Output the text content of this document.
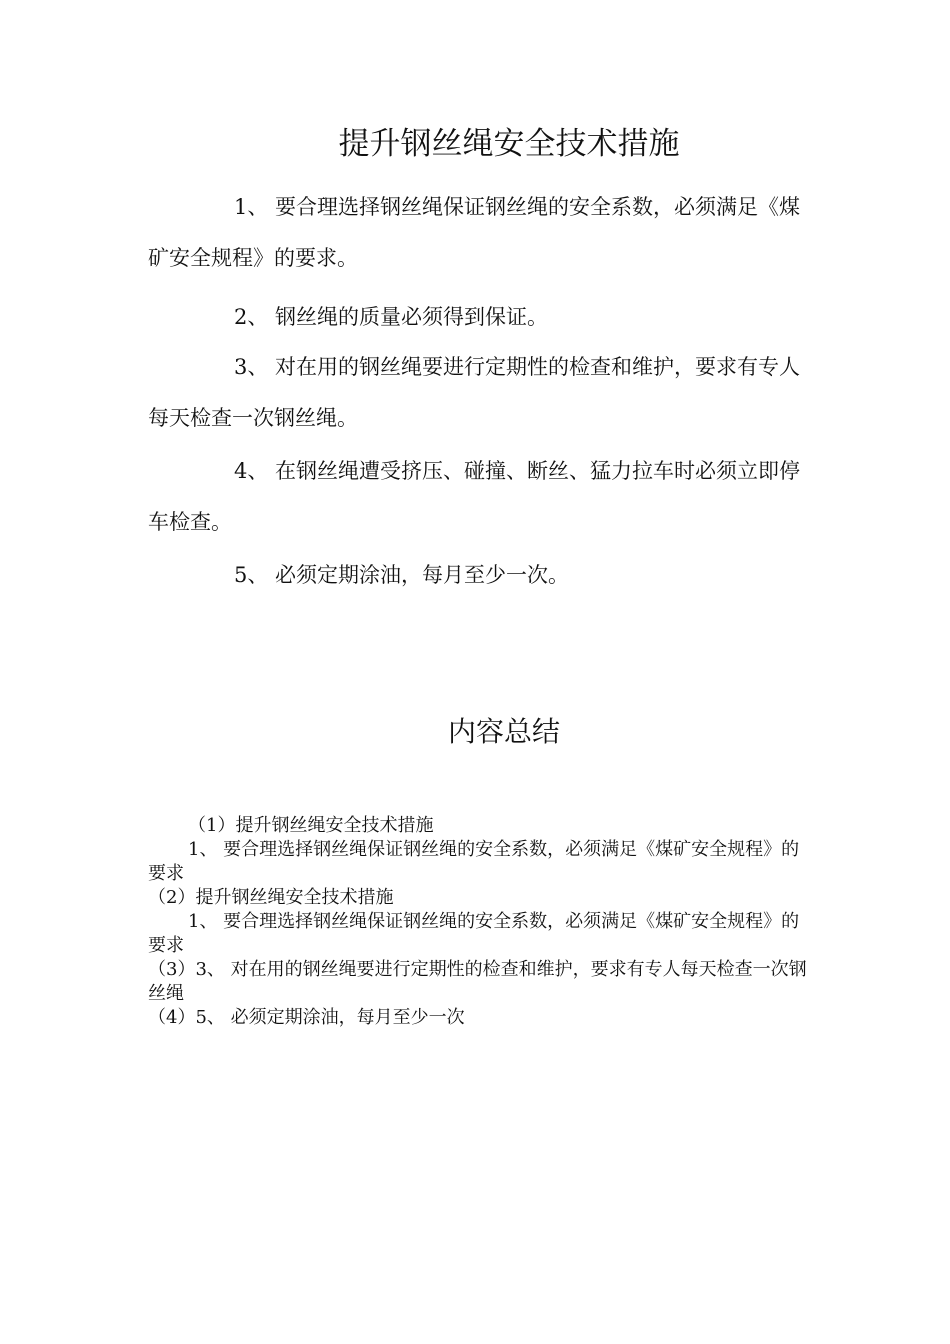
提升钢丝绳安全技术措施

1、 要合理选择钢丝绳保证钢丝绳的安全系数，必须满足《煤矿安全规程》的要求。

2、 钢丝绳的质量必须得到保证。

3、 对在用的钢丝绳要进行定期性的检查和维护，要求有专人每天检查一次钢丝绳。

4、 在钢丝绳遭受挤压、碰撞、断丝、猛力拉车时必须立即停车检查。

5、 必须定期涂油，每月至少一次。

内容总结
（1）提升钢丝绳安全技术措施
1、 要合理选择钢丝绳保证钢丝绳的安全系数，必须满足《煤矿安全规程》的要求
（2）提升钢丝绳安全技术措施
1、 要合理选择钢丝绳保证钢丝绳的安全系数，必须满足《煤矿安全规程》的要求
（3）3、 对在用的钢丝绳要进行定期性的检查和维护，要求有专人每天检查一次钢丝绳
（4）5、 必须定期涂油，每月至少一次
